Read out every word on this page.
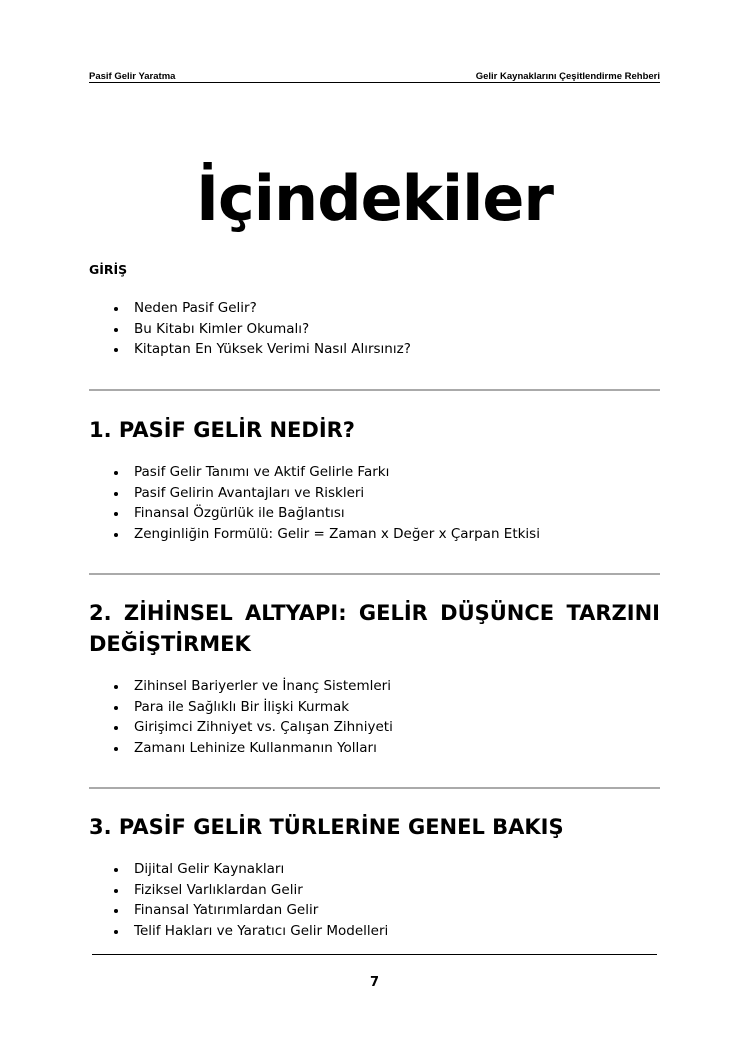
Pasif Gelir Yaratma	Gelir Kaynaklarını Çeşitlendirme Rehberi
İçindekiler
GİRİŞ
Neden Pasif Gelir?
Bu Kitabı Kimler Okumalı?
Kitaptan En Yüksek Verimi Nasıl Alırsınız?
1. PASİF GELİR NEDİR?
Pasif Gelir Tanımı ve Aktif Gelirle Farkı
Pasif Gelirin Avantajları ve Riskleri
Finansal Özgürlük ile Bağlantısı
Zenginliğin Formülü: Gelir = Zaman x Değer x Çarpan Etkisi
2. ZİHİNSEL ALTYAPI: GELİR DÜŞÜNCE TARZINI DEĞİŞTİRMEK
Zihinsel Bariyerler ve İnanç Sistemleri
Para ile Sağlıklı Bir İlişki Kurmak
Girişimci Zihniyet vs. Çalışan Zihniyeti
Zamanı Lehinize Kullanmanın Yolları
3. PASİF GELİR TÜRLERİNE GENEL BAKIŞ
Dijital Gelir Kaynakları
Fiziksel Varlıklardan Gelir
Finansal Yatırımlardan Gelir
Telif Hakları ve Yaratıcı Gelir Modelleri
7
